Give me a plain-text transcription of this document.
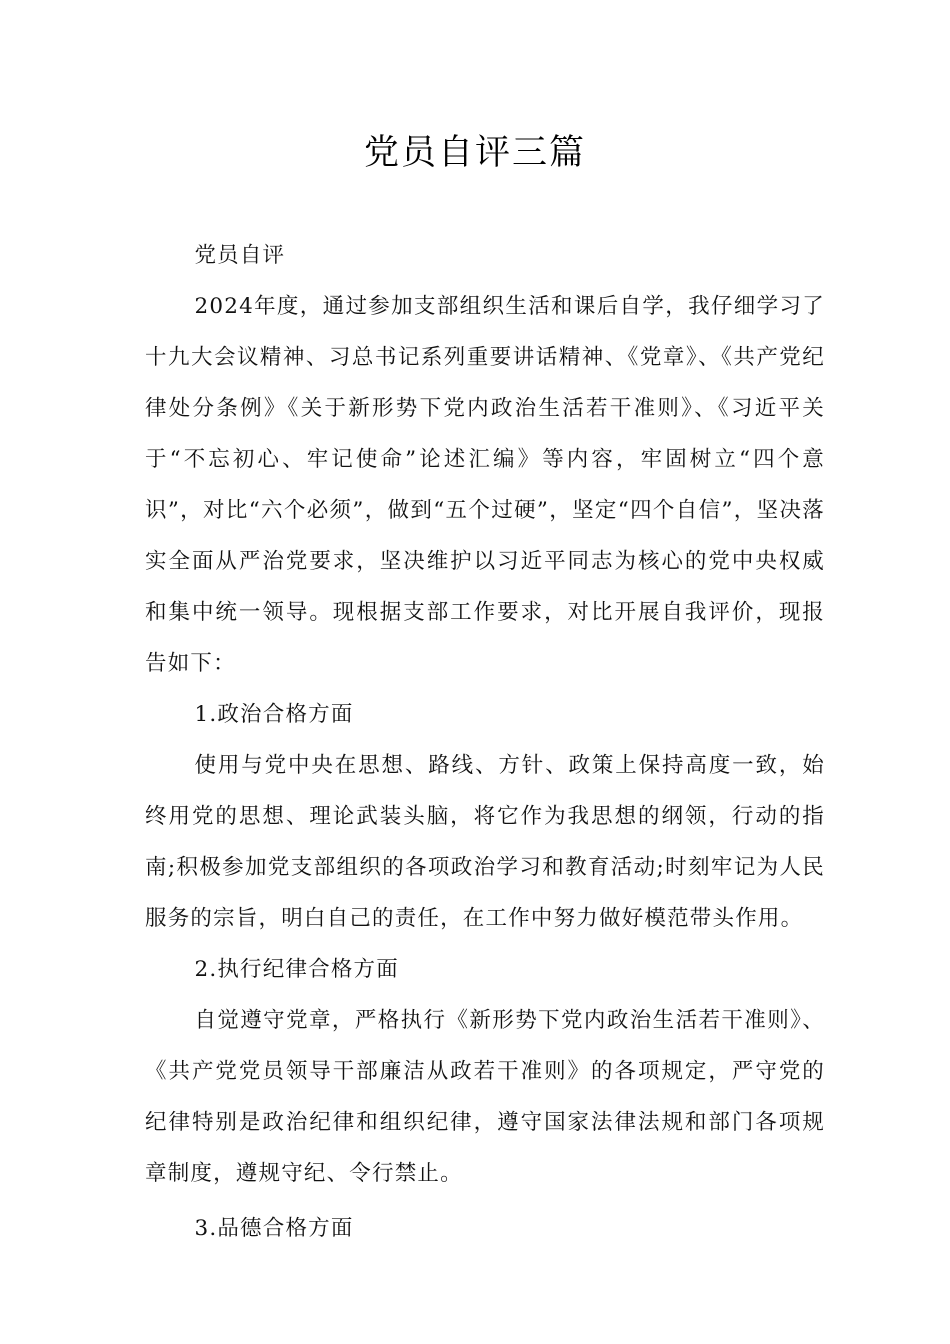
党员自评三篇

党员自评

2024年度，通过参加支部组织生活和课后自学，我仔细学习了十九大会议精神、习总书记系列重要讲话精神、《党章》、《共产党纪律处分条例》《关于新形势下党内政治生活若干准则》、《习近平关于“不忘初心、牢记使命”论述汇编》等内容，牢固树立“四个意识”，对比“六个必须”，做到“五个过硬”，坚定“四个自信”，坚决落实全面从严治党要求，坚决维护以习近平同志为核心的党中央权威和集中统一领导。现根据支部工作要求，对比开展自我评价，现报告如下：

1.政治合格方面

使用与党中央在思想、路线、方针、政策上保持高度一致，始终用党的思想、理论武装头脑，将它作为我思想的纲领，行动的指南;积极参加党支部组织的各项政治学习和教育活动;时刻牢记为人民服务的宗旨，明白自己的责任，在工作中努力做好模范带头作用。

2.执行纪律合格方面

自觉遵守党章，严格执行《新形势下党内政治生活若干准则》、《共产党党员领导干部廉洁从政若干准则》的各项规定，严守党的纪律特别是政治纪律和组织纪律，遵守国家法律法规和部门各项规章制度，遵规守纪、令行禁止。

3.品德合格方面
